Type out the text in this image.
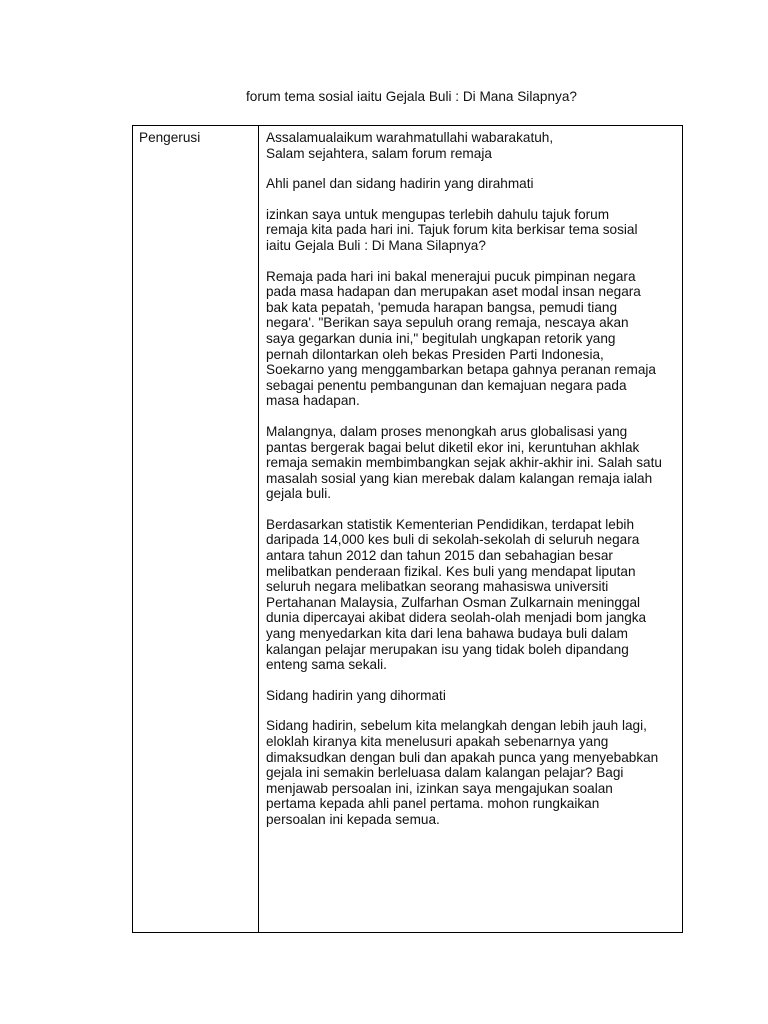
forum tema sosial iaitu Gejala Buli : Di Mana Silapnya?
Pengerusi	Assalamualaikum warahmatullahi wabarakatuh,
Salam sejahtera, salam forum remaja

Ahli panel dan sidang hadirin yang dirahmati

izinkan saya untuk mengupas terlebih dahulu tajuk forum
remaja kita pada hari ini. Tajuk forum kita berkisar tema sosial
iaitu Gejala Buli : Di Mana Silapnya?

Remaja pada hari ini bakal menerajui pucuk pimpinan negara
pada masa hadapan dan merupakan aset modal insan negara
bak kata pepatah, 'pemuda harapan bangsa, pemudi tiang
negara'. "Berikan saya sepuluh orang remaja, nescaya akan
saya gegarkan dunia ini," begitulah ungkapan retorik yang
pernah dilontarkan oleh bekas Presiden Parti Indonesia,
Soekarno yang menggambarkan betapa gahnya peranan remaja
sebagai penentu pembangunan dan kemajuan negara pada
masa hadapan.

Malangnya, dalam proses menongkah arus globalisasi yang
pantas bergerak bagai belut diketil ekor ini, keruntuhan akhlak
remaja semakin membimbangkan sejak akhir-akhir ini. Salah satu
masalah sosial yang kian merebak dalam kalangan remaja ialah
gejala buli.

Berdasarkan statistik Kementerian Pendidikan, terdapat lebih
daripada 14,000 kes buli di sekolah-sekolah di seluruh negara
antara tahun 2012 dan tahun 2015 dan sebahagian besar
melibatkan penderaan fizikal. Kes buli yang mendapat liputan
seluruh negara melibatkan seorang mahasiswa universiti
Pertahanan Malaysia, Zulfarhan Osman Zulkarnain meninggal
dunia dipercayai akibat didera seolah-olah menjadi bom jangka
yang menyedarkan kita dari lena bahawa budaya buli dalam
kalangan pelajar merupakan isu yang tidak boleh dipandang
enteng sama sekali.

Sidang hadirin yang dihormati

Sidang hadirin, sebelum kita melangkah dengan lebih jauh lagi,
eloklah kiranya kita menelusuri apakah sebenarnya yang
dimaksudkan dengan buli dan apakah punca yang menyebabkan
gejala ini semakin berleluasa dalam kalangan pelajar? Bagi
menjawab persoalan ini, izinkan saya mengajukan soalan
pertama kepada ahli panel pertama. mohon rungkaikan
persoalan ini kepada semua.
